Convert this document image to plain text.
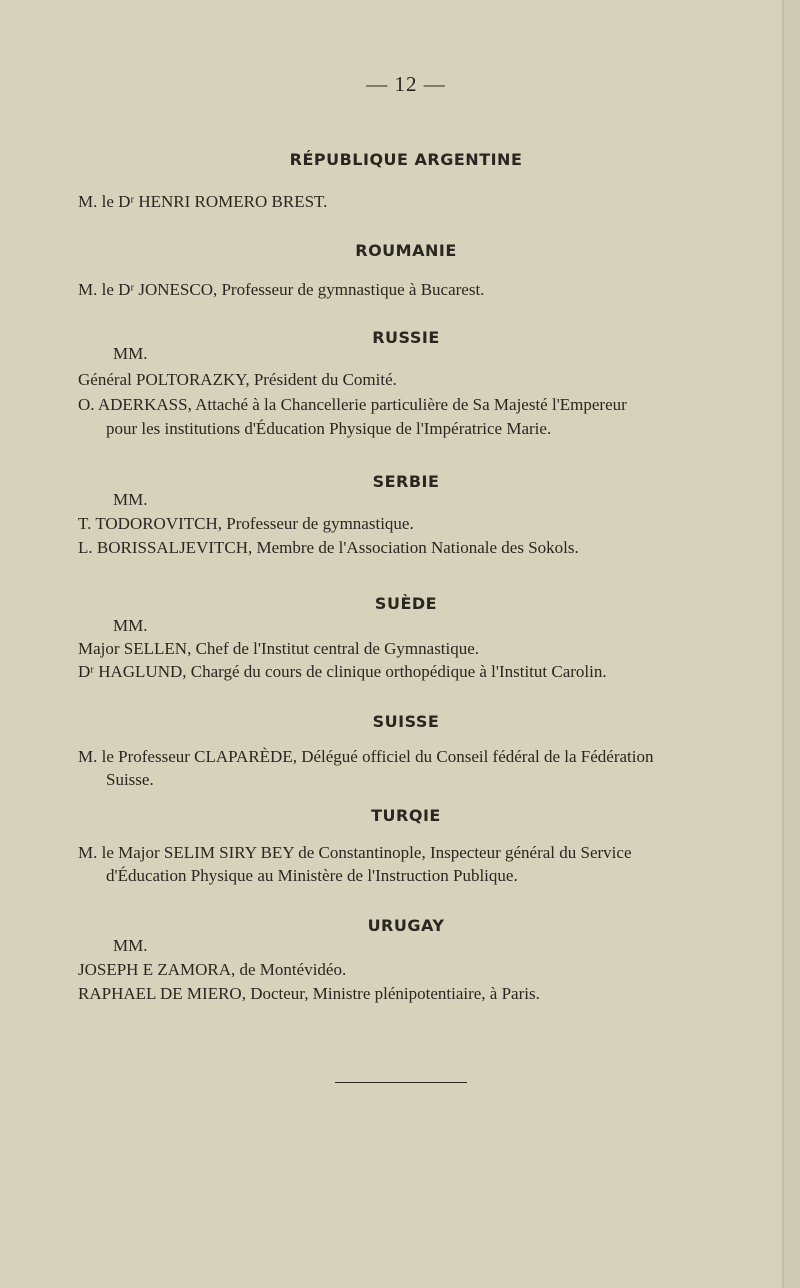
— 12 —
RÉPUBLIQUE ARGENTINE
M. le Dʳ HENRI ROMERO BREST.
ROUMANIE
M. le Dʳ JONESCO, Professeur de gymnastique à Bucarest.
RUSSIE
MM.
Général POLTORAZKY, Président du Comité.
O. ADERKASS, Attaché à la Chancellerie particulière de Sa Majesté l'Empereur
pour les institutions d'Éducation Physique de l'Impératrice Marie.
SERBIE
MM.
T. TODOROVITCH, Professeur de gymnastique.
L. BORISSALJEVITCH, Membre de l'Association Nationale des Sokols.
SUÈDE
MM.
Major SELLEN, Chef de l'Institut central de Gymnastique.
Dʳ HAGLUND, Chargé du cours de clinique orthopédique à l'Institut Carolin.
SUISSE
M. le Professeur CLAPARÈDE, Délégué officiel du Conseil fédéral de la Fédération
Suisse.
TURQIE
M. le Major SELIM SIRY BEY de Constantinople, Inspecteur général du Service
d'Éducation Physique au Ministère de l'Instruction Publique.
URUGAY
MM.
JOSEPH E ZAMORA, de Montévidéo.
RAPHAEL DE MIERO, Docteur, Ministre plénipotentiaire, à Paris.
